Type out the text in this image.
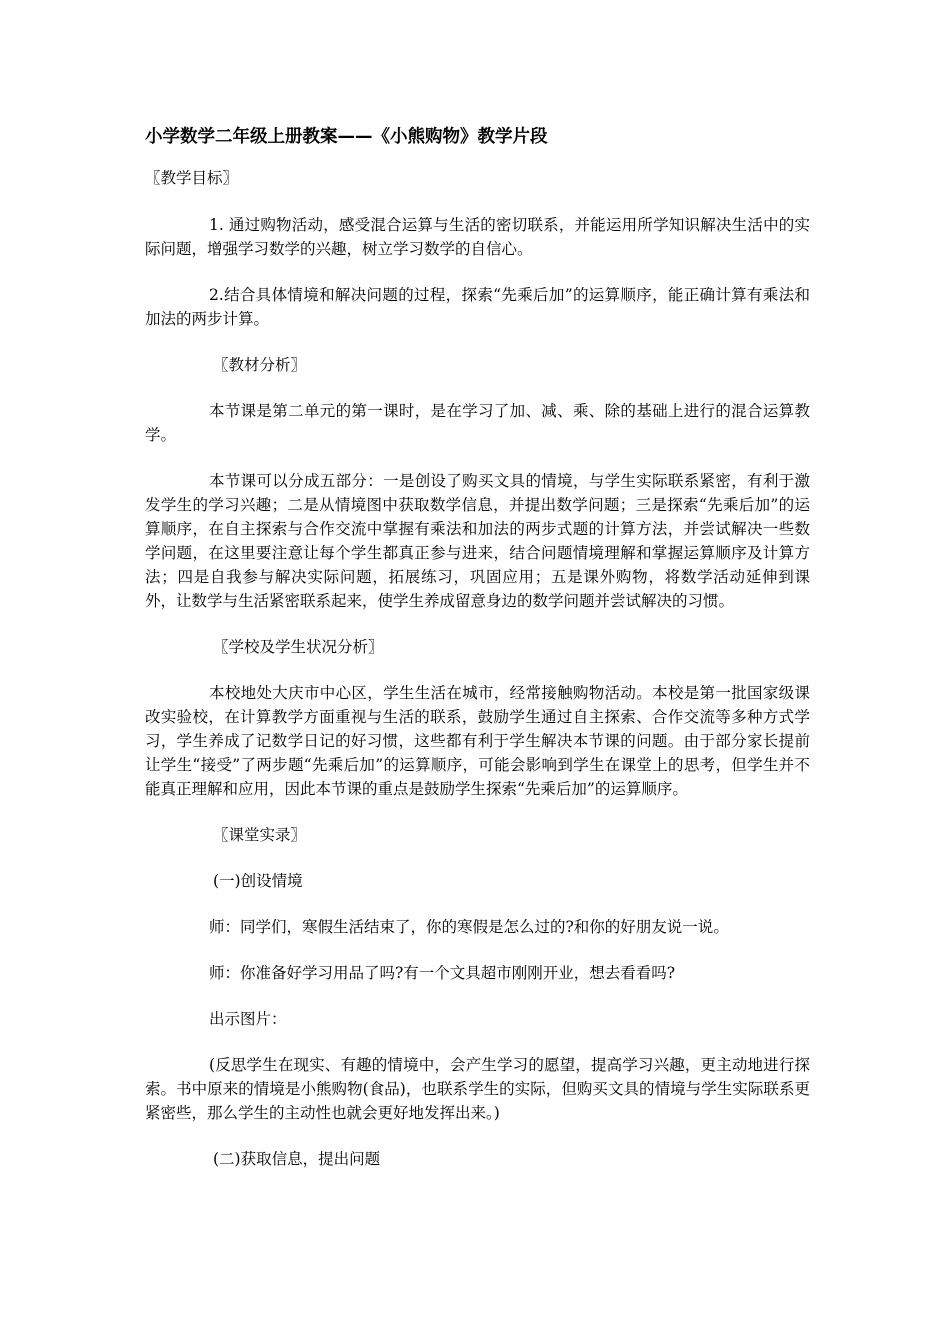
小学数学二年级上册教案——《小熊购物》教学片段
〖教学目标〗
1. 通过购物活动，感受混合运算与生活的密切联系，并能运用所学知识解决生活中的实际问题，增强学习数学的兴趣，树立学习数学的自信心。
2.结合具体情境和解决问题的过程，探索“先乘后加”的运算顺序，能正确计算有乘法和加法的两步计算。
〖教材分析〗
本节课是第二单元的第一课时，是在学习了加、减、乘、除的基础上进行的混合运算教学。
本节课可以分成五部分：一是创设了购买文具的情境，与学生实际联系紧密，有利于激发学生的学习兴趣；二是从情境图中获取数学信息，并提出数学问题；三是探索“先乘后加”的运算顺序，在自主探索与合作交流中掌握有乘法和加法的两步式题的计算方法，并尝试解决一些数学问题，在这里要注意让每个学生都真正参与进来，结合问题情境理解和掌握运算顺序及计算方法；四是自我参与解决实际问题，拓展练习，巩固应用；五是课外购物，将数学活动延伸到课外，让数学与生活紧密联系起来，使学生养成留意身边的数学问题并尝试解决的习惯。
〖学校及学生状况分析〗
本校地处大庆市中心区，学生生活在城市，经常接触购物活动。本校是第一批国家级课改实验校，在计算教学方面重视与生活的联系，鼓励学生通过自主探索、合作交流等多种方式学习，学生养成了记数学日记的好习惯，这些都有利于学生解决本节课的问题。由于部分家长提前让学生“接受”了两步题“先乘后加”的运算顺序，可能会影响到学生在课堂上的思考，但学生并不能真正理解和应用，因此本节课的重点是鼓励学生探索“先乘后加”的运算顺序。
〖课堂实录〗
(一)创设情境
师：同学们，寒假生活结束了，你的寒假是怎么过的?和你的好朋友说一说。
师：你准备好学习用品了吗?有一个文具超市刚刚开业，想去看看吗?
出示图片：
(反思学生在现实、有趣的情境中，会产生学习的愿望，提高学习兴趣，更主动地进行探索。书中原来的情境是小熊购物(食品)，也联系学生的实际，但购买文具的情境与学生实际联系更紧密些，那么学生的主动性也就会更好地发挥出来。)
(二)获取信息，提出问题
